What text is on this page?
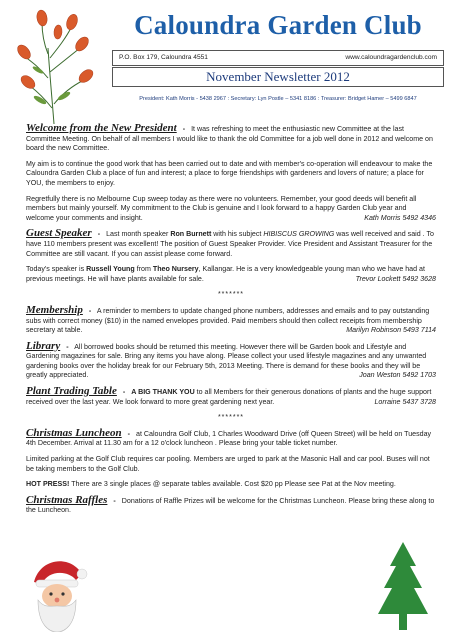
Caloundra Garden Club
P.O. Box 179, Caloundra 4551	www.caloundragardenclub.com
November Newsletter 2012
President: Kath Morris - 5438 2967 : Secretary: Lyn Postle – 5341 8186 : Treasurer: Bridget Hamer – 5499 6847

Welcome from the New President - It was refreshing to meet the enthusiastic new Committee at the last Committee Meeting. On behalf of all members I would like to thank the old Committee for a job well done in 2012 and welcome on board the new Committee.

My aim is to continue the good work that has been carried out to date and with member's co-operation will endeavour to make the Caloundra Garden Club a place of fun and interest; a place to forge friendships with gardeners and lovers of nature; a place for YOU, the members to enjoy.

Regretfully there is no Melbourne Cup sweep today as there were no volunteers. Remember, your good deeds will benefit all members but mainly yourself. My commitment to the Club is genuine and I look forward to a happy Garden Club year and welcome your comments and insight.	Kath Morris 5492 4346

Guest Speaker - Last month speaker Ron Burnett with his subject HIBISCUS GROWING was well received and said . To have 110 members present was excellent! The position of Guest Speaker Provider. Vice President and Assistant Treasurer for the Committee are still vacant. If you can assist please come forward.

Today's speaker is Russell Young from Theo Nursery, Kallangar. He is a very knowledgeable young man who we have had at previous meetings. He will have plants available for sale.	Trevor Lockett 5492 3628

*******

Membership - A reminder to members to update changed phone numbers, addresses and emails and to pay outstanding subs with correct money ($10) in the named envelopes provided. Paid members should then collect receipts from membership secretary at table.	Marilyn Robinson 5493 7114

Library - All borrowed books should be returned this meeting. However there will be Garden book and Lifestyle and Gardening magazines for sale. Bring any items you have along. Please collect your used lifestyle magazines and any unwanted gardening books over the holiday break for our February 5th, 2013 Meeting. There is demand for these books and they will be greatly appreciated.	Joan Weston 5492 1703

Plant Trading Table - A BIG THANK YOU to all Members for their generous donations of plants and the huge support received over the last year. We look forward to more great gardening next year.	Lorraine 5437 3728

*******

Christmas Luncheon - at Caloundra Golf Club, 1 Charles Woodward Drive (off Queen Street) will be held on Tuesday 4th December. Arrival at 11.30 am for a 12 o'clock luncheon . Please bring your table ticket number.

Limited parking at the Golf Club requires car pooling. Members are urged to park at the Masonic Hall and car pool. Buses will not be taking members to the Golf Club.

HOT PRESS! There are 3 single places @ separate tables available. Cost $20 pp Please see Pat at the Nov meeting.

Christmas Raffles - Donations of Raffle Prizes will be welcome for the Christmas Luncheon. Please bring these along to the Luncheon.
